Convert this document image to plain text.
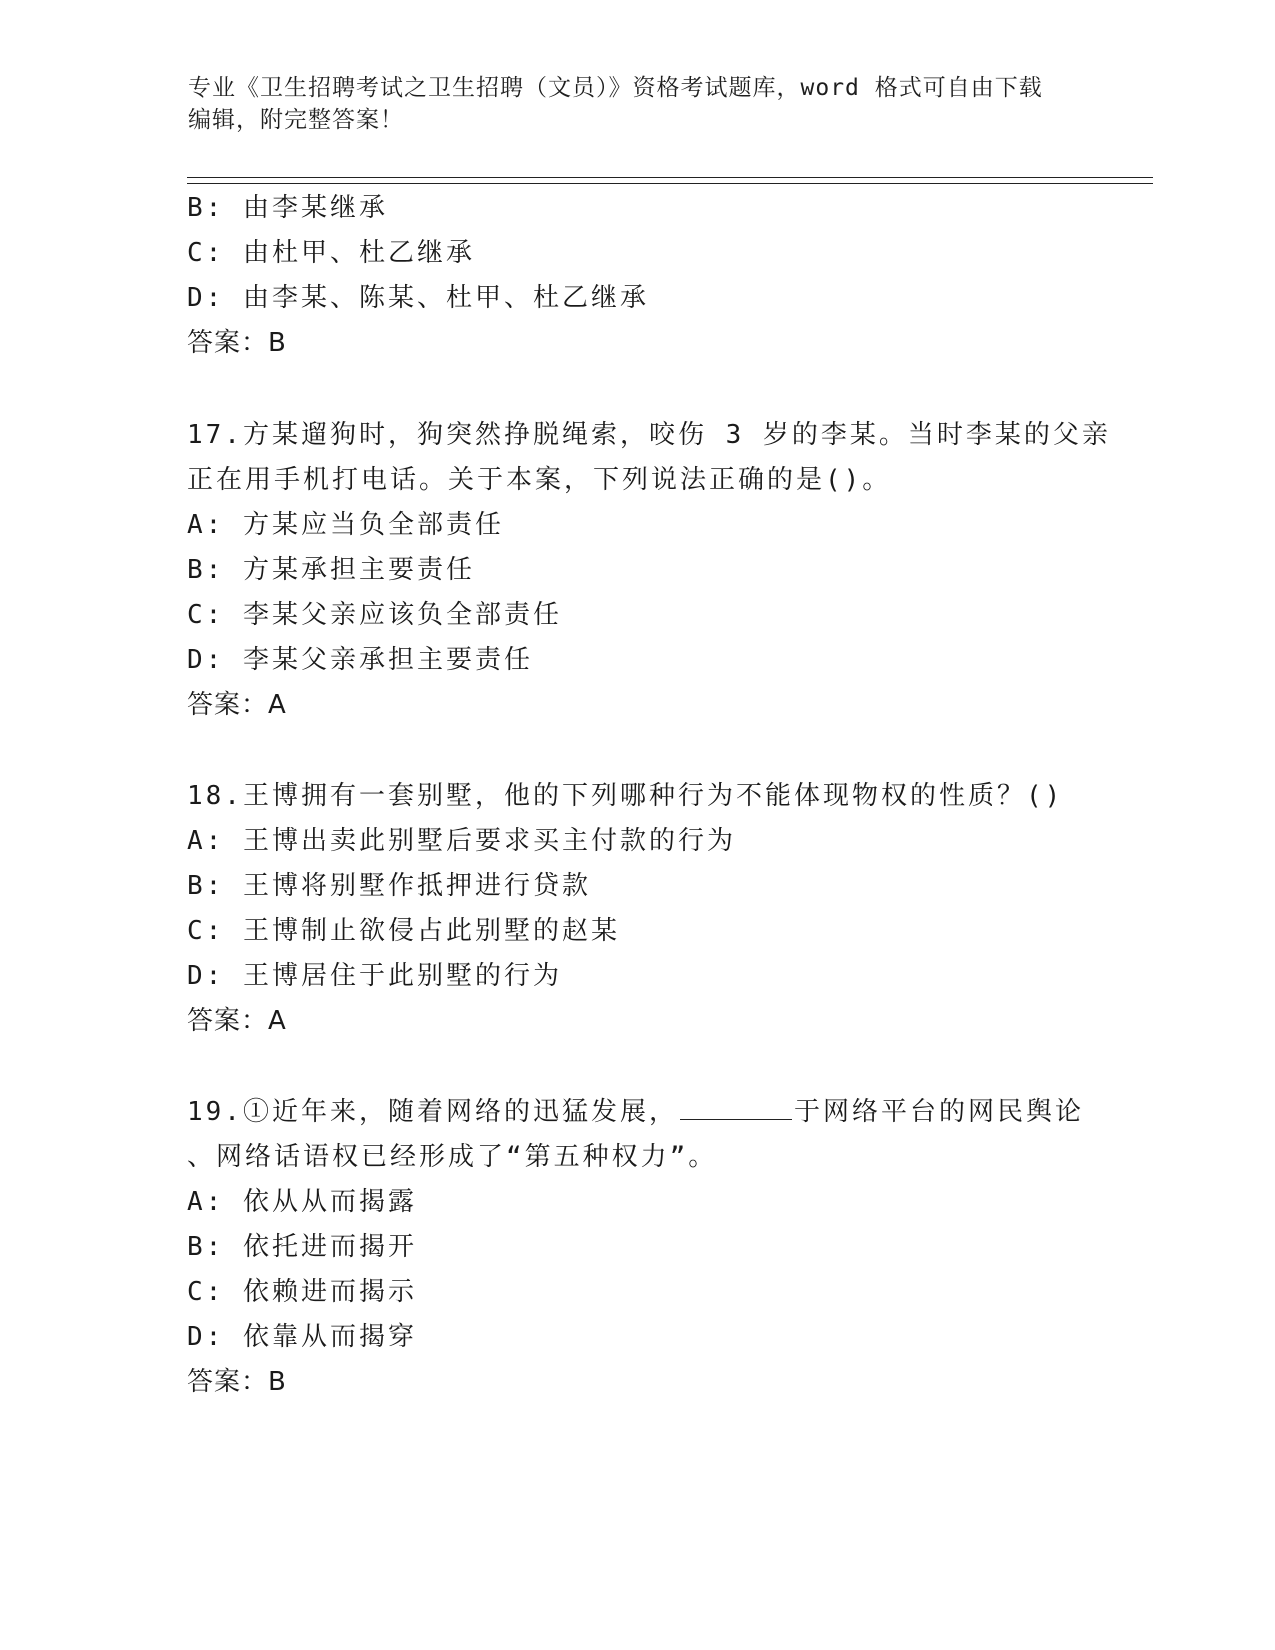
专业《卫生招聘考试之卫生招聘（文员）》资格考试题库，word 格式可自由下载
编辑，附完整答案！
B: 由李某继承
C: 由杜甲、杜乙继承
D: 由李某、陈某、杜甲、杜乙继承
答案：B
17.方某遛狗时，狗突然挣脱绳索，咬伤 3 岁的李某。当时李某的父亲
正在用手机打电话。关于本案，下列说法正确的是()。
A: 方某应当负全部责任
B: 方某承担主要责任
C: 李某父亲应该负全部责任
D: 李某父亲承担主要责任
答案：A
18.王博拥有一套别墅，他的下列哪种行为不能体现物权的性质？()
A: 王博出卖此别墅后要求买主付款的行为
B: 王博将别墅作抵押进行贷款
C: 王博制止欲侵占此别墅的赵某
D: 王博居住于此别墅的行为
答案：A
19.①近年来，随着网络的迅猛发展，	于网络平台的网民舆论
、网络话语权已经形成了“第五种权力”。
A: 依从从而揭露
B: 依托进而揭开
C: 依赖进而揭示
D: 依靠从而揭穿
答案：B
